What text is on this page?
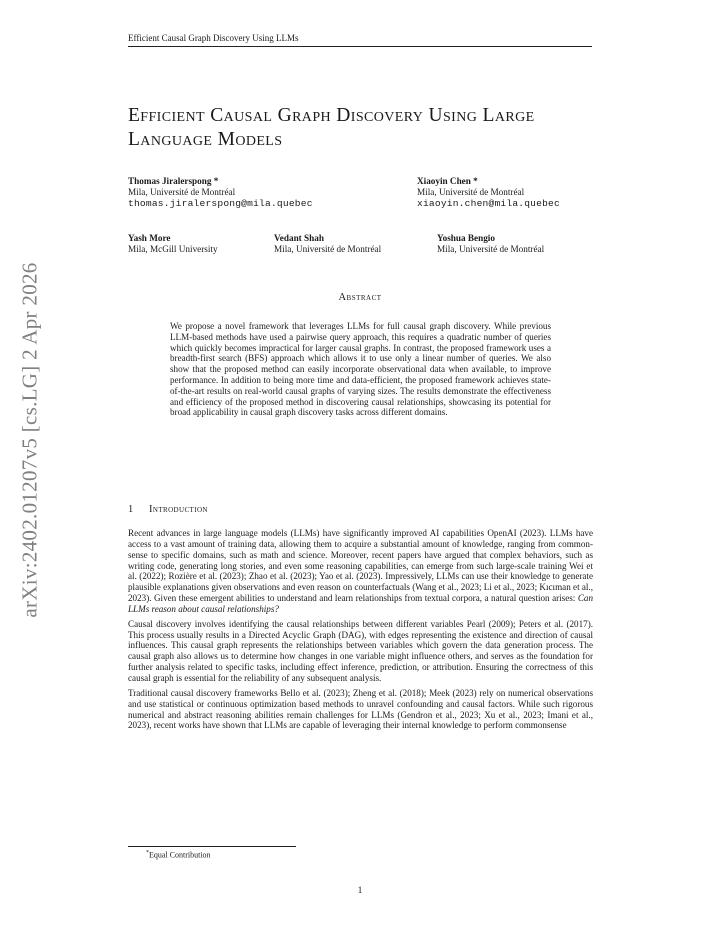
Efficient Causal Graph Discovery Using LLMs
arXiv:2402.01207v5 [cs.LG] 2 Apr 2026
Efficient Causal Graph Discovery Using Large
Language Models
Thomas Jiralerspong *
Mila, Université de Montréal
thomas.jiralerspong@mila.quebec
Xiaoyin Chen *
Mila, Université de Montréal
xiaoyin.chen@mila.quebec
Yash More
Mila, McGill University
Vedant Shah
Mila, Université de Montréal
Yoshua Bengio
Mila, Université de Montréal
Abstract
We propose a novel framework that leverages LLMs for full causal graph discovery. While previous LLM-based methods have used a pairwise query approach, this requires a quadratic number of queries which quickly becomes impractical for larger causal graphs. In contrast, the proposed framework uses a breadth-first search (BFS) approach which allows it to use only a linear number of queries. We also show that the proposed method can easily incorporate observational data when available, to improve performance. In addition to being more time and data-efficient, the proposed framework achieves state-of-the-art results on real-world causal graphs of varying sizes. The results demonstrate the effectiveness and efficiency of the proposed method in discovering causal relationships, showcasing its potential for broad applicability in causal graph discovery tasks across different domains.
1 Introduction

Recent advances in large language models (LLMs) have significantly improved AI capabilities OpenAI (2023). LLMs have access to a vast amount of training data, allowing them to acquire a substantial amount of knowledge, ranging from common-sense to specific domains, such as math and science. Moreover, recent papers have argued that complex behaviors, such as writing code, generating long stories, and even some reasoning capabilities, can emerge from such large-scale training Wei et al. (2022); Rozière et al. (2023); Zhao et al. (2023); Yao et al. (2023). Impressively, LLMs can use their knowledge to generate plausible explanations given observations and even reason on counterfactuals (Wang et al., 2023; Li et al., 2023; Kıcıman et al., 2023). Given these emergent abilities to understand and learn relationships from textual corpora, a natural question arises: Can LLMs reason about causal relationships?

Causal discovery involves identifying the causal relationships between different variables Pearl (2009); Peters et al. (2017). This process usually results in a Directed Acyclic Graph (DAG), with edges representing the existence and direction of causal influences. This causal graph represents the relationships between variables which govern the data generation process. The causal graph also allows us to determine how changes in one variable might influence others, and serves as the foundation for further analysis related to specific tasks, including effect inference, prediction, or attribution. Ensuring the correctness of this causal graph is essential for the reliability of any subsequent analysis.

Traditional causal discovery frameworks Bello et al. (2023); Zheng et al. (2018); Meek (2023) rely on numerical observations and use statistical or continuous optimization based methods to unravel confounding and causal factors. While such rigorous numerical and abstract reasoning abilities remain challenges for LLMs (Gendron et al., 2023; Xu et al., 2023; Imani et al., 2023), recent works have shown that LLMs are capable of leveraging their internal knowledge to perform commonsense

*Equal Contribution
1
